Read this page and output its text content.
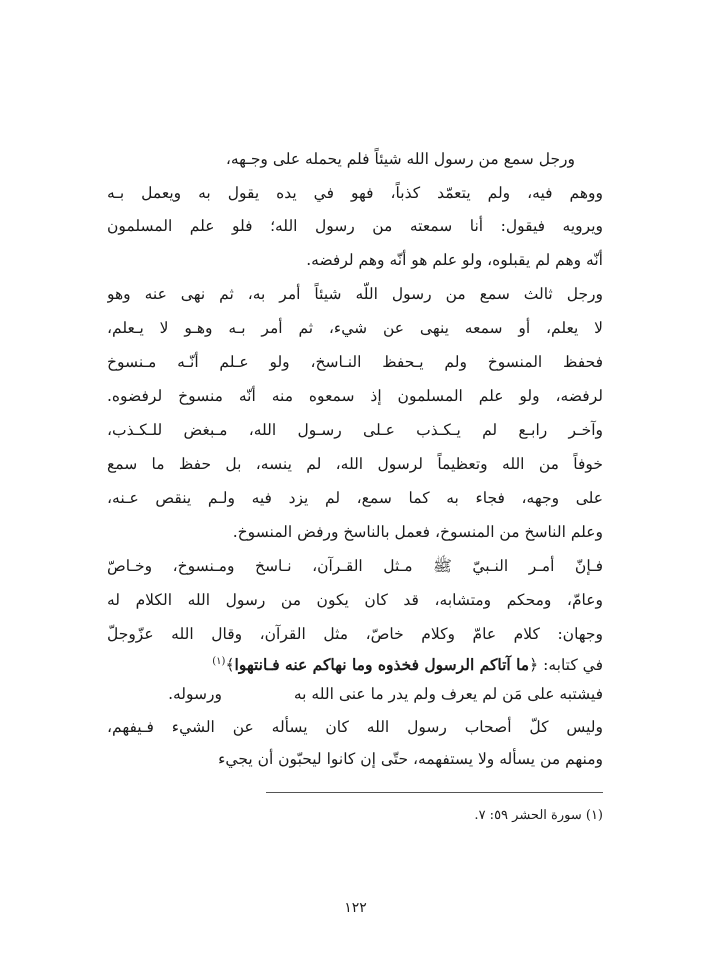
ورجل سمع من رسول الله شيئاً فلم يحمله على وجـهه،
ووهم فيه، ولم يتعمّد كذباً، فهو في يده يقول به ويعمل بـه
ويرويه فيقول: أنا سمعته من رسول الله؛ فلو علم المسلمون
أنّه وهم لم يقبلوه، ولو علم هو أنّه وهم لرفضه.
ورجل ثالث سمع من رسول اللّه شيئاً أمر به، ثم نهى عنه وهو
لا يعلم، أو سمعه ينهى عن شيء، ثم أمر بـه وهـو لا يـعلم،
فحفظ المنسوخ ولم يـحفظ النـاسخ، ولو عـلم أنّـه مـنسوخ
لرفضه، ولو علم المسلمون إذ سمعوه منه أنّه منسوخ لرفضوه.
وآخـر رابـع لم يـكـذب عـلى رسـول الله، مـبغض للـكـذب،
خوفاً من الله وتعظيماً لرسول الله، لم ينسه، بل حفظ ما سمع
على وجهه، فجاء به كما سمع، لم يزد فيه ولـم ينقص عـنه،
وعلم الناسخ من المنسوخ، فعمل بالناسخ ورفض المنسوخ.
فـإنّ أمـر النـبيّ ﷺ مـثل القـرآن، نـاسخ ومـنسوخ، وخـاصّ
وعامّ، ومحكم ومتشابه، قد كان يكون من رسول الله الكلام له
وجهان: كلام عامّ وكلام خاصّ، مثل القرآن، وقال الله عزّوجلّ
في كتابه: ﴿ما آتاكم الرسول فخذوه وما نهاكم عنه فـانتهوا﴾$^{(١)}$
فيشتبه على مَن لم يعرف ولم يدر ما عنى الله به  ورسوله.
وليس كلّ أصحاب رسول الله كان يسأله عن الشيء فـيفهم،
ومنهم من يسأله ولا يستفهمه، حتّى إن كانوا ليحبّون أن يجيء
(١) سورة الحشر ٥٩: ٧.
١٢٢
